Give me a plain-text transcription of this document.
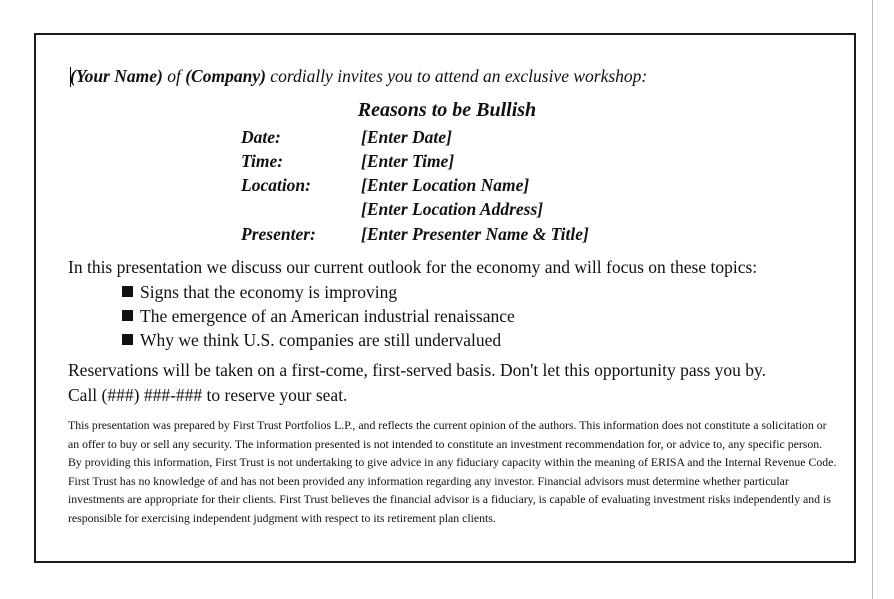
(Your Name) of (Company) cordially invites you to attend an exclusive workshop:
Reasons to be Bullish
Date:	[Enter Date]
Time:	[Enter Time]
Location:	[Enter Location Name]
[Enter Location Address]
Presenter:	[Enter Presenter Name & Title]
In this presentation we discuss our current outlook for the economy and will focus on these topics:
Signs that the economy is improving
The emergence of an American industrial renaissance
Why we think U.S. companies are still undervalued
Reservations will be taken on a first-come, first-served basis. Don't let this opportunity pass you by.
Call (###) ###-### to reserve your seat.
This presentation was prepared by First Trust Portfolios L.P., and reflects the current opinion of the authors. This information does not constitute a solicitation or an offer to buy or sell any security. The information presented is not intended to constitute an investment recommendation for, or advice to, any specific person. By providing this information, First Trust is not undertaking to give advice in any fiduciary capacity within the meaning of ERISA and the Internal Revenue Code. First Trust has no knowledge of and has not been provided any information regarding any investor. Financial advisors must determine whether particular investments are appropriate for their clients. First Trust believes the financial advisor is a fiduciary, is capable of evaluating investment risks independently and is responsible for exercising independent judgment with respect to its retirement plan clients.
